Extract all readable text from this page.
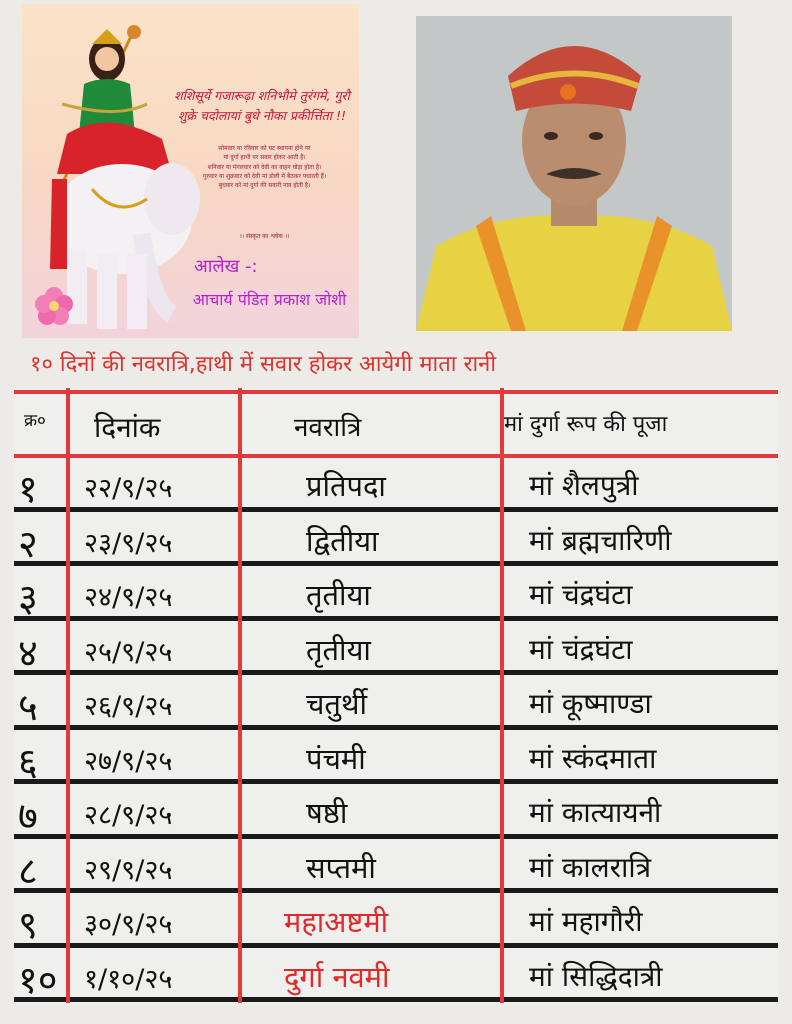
शशिसूर्ये गजारूढ़ा शनिभौमे तुरंगमे, गुरौ
शुक्रे चदोलायां बुधे नौका प्रकीर्त्तिता !!
सोमवार या रविवार को घट स्थापना होने पर
मां दुर्गा हाथी पर सवार होकर आती हैं।
शनिवार या मंगलवार को देवी का वाहन घोड़ा होता है।
गुरुवार या शुक्रवार को देवी मां डोली में बैठकर पधारती हैं।
बुधवार को मां दुर्गा की सवारी नाव होती है।
।। संस्कृत का श्लोक ।।
आलेख -:
आचार्य पंडित प्रकाश जोशी
१० दिनों की नवरात्रि,हाथी में सवार होकर आयेगी माता रानी
क्र० दिनांक	नवरात्रि	मां दुर्गा रूप की पूजा
१ २२/९/२५	प्रतिपदा	मां शैलपुत्री
२ २३/९/२५	द्वितीया	मां ब्रह्मचारिणी
३ २४/९/२५	तृतीया	मां चंद्रघंटा
४ २५/९/२५	तृतीया	मां चंद्रघंटा
५ २६/९/२५	चतुर्थी	मां कूष्माण्डा
६ २७/९/२५	पंचमी	मां स्कंदमाता
७ २८/९/२५	षष्ठी	मां कात्यायनी
८ २९/९/२५	सप्तमी	मां कालरात्रि
९ ३०/९/२५	महाअष्टमी	मां महागौरी
१० १/१०/२५	दुर्गा नवमी	मां सिद्धिदात्री
